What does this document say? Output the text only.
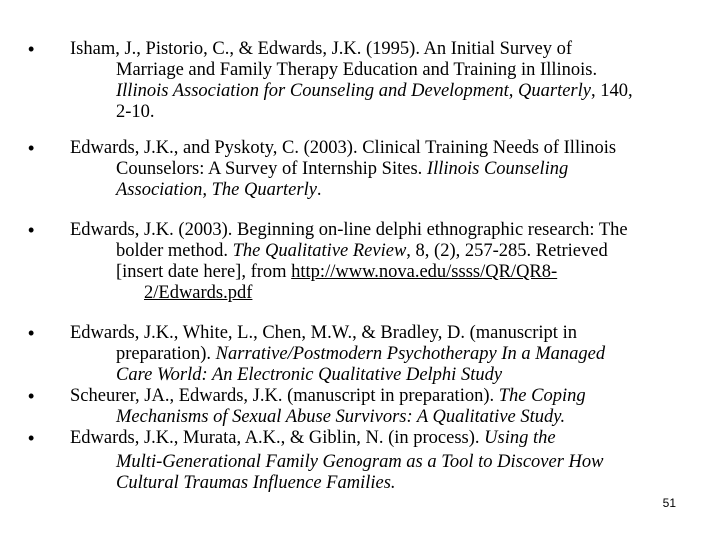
• Isham, J., Pistorio, C., & Edwards, J.K. (1995). An Initial Survey of
Marriage and Family Therapy Education and Training in Illinois.
Illinois Association for Counseling and Development, Quarterly, 140,
2-10.
• Edwards, J.K., and Pyskoty, C. (2003). Clinical Training Needs of Illinois
Counselors: A Survey of Internship Sites. Illinois Counseling
Association, The Quarterly.
• Edwards, J.K. (2003). Beginning on-line delphi ethnographic research: The
bolder method. The Qualitative Review, 8, (2), 257-285. Retrieved
[insert date here], from http://www.nova.edu/ssss/QR/QR8-
2/Edwards.pdf
• Edwards, J.K., White, L., Chen, M.W., & Bradley, D. (manuscript in
preparation). Narrative/Postmodern Psychotherapy In a Managed
Care World: An Electronic Qualitative Delphi Study
• Scheurer, JA., Edwards, J.K. (manuscript in preparation). The Coping
Mechanisms of Sexual Abuse Survivors: A Qualitative Study.
• Edwards, J.K., Murata, A.K., & Giblin, N. (in process). Using the
Multi-Generational Family Genogram as a Tool to Discover How
Cultural Traumas Influence Families.
51
